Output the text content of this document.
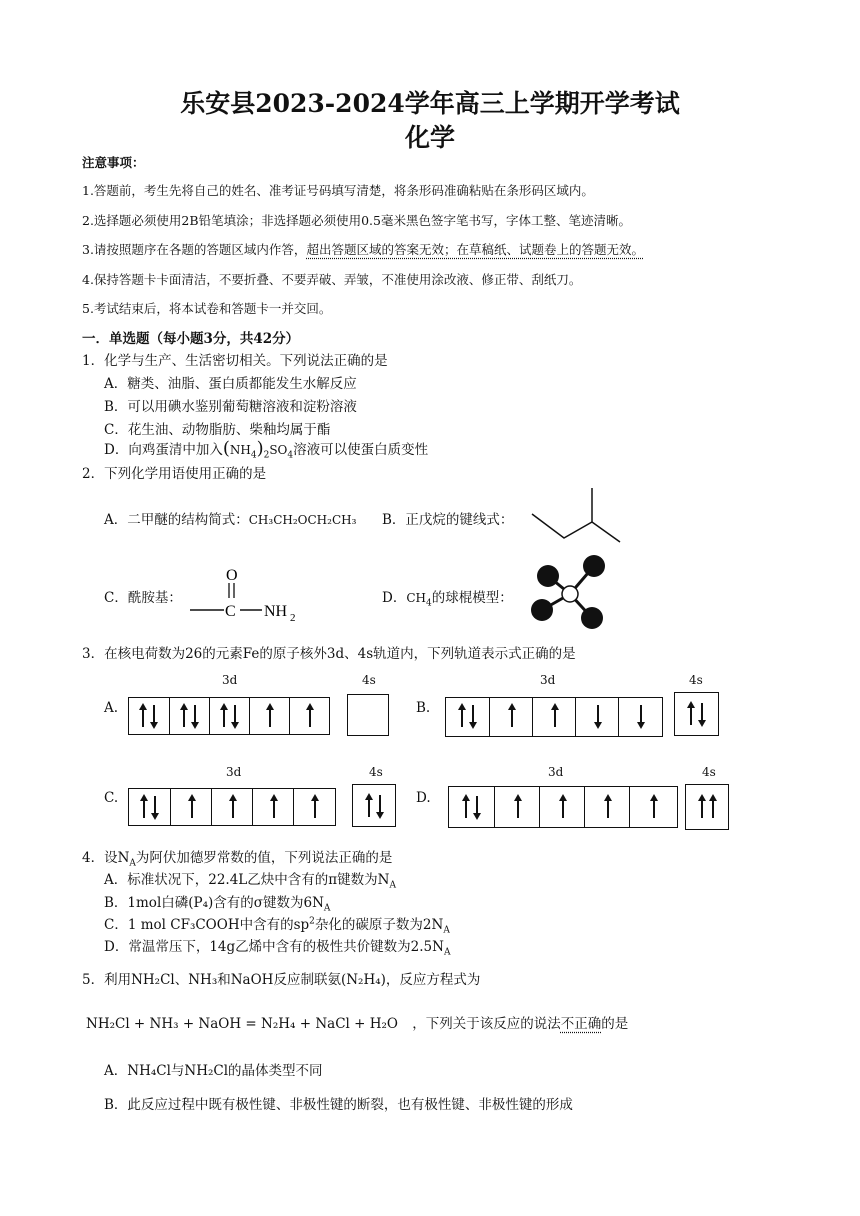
乐安县2023-2024学年高三上学期开学考试
化学
注意事项：
1.答题前，考生先将自己的姓名、准考证号码填写清楚，将条形码准确粘贴在条形码区域内。
2.选择题必须使用2B铅笔填涂；非选择题必须使用0.5毫米黑色签字笔书写，字体工整、笔迹清晰。
3.请按照题序在各题的答题区域内作答，超出答题区域的答案无效；在草稿纸、试题卷上的答题无效。
4.保持答题卡卡面清洁，不要折叠、不要弄破、弄皱，不准使用涂改液、修正带、刮纸刀。
5.考试结束后，将本试卷和答题卡一并交回。
一．单选题（每小题3分，共42分）
1．化学与生产、生活密切相关。下列说法正确的是
A．糖类、油脂、蛋白质都能发生水解反应
B．可以用碘水鉴别葡萄糖溶液和淀粉溶液
C．花生油、动物脂肪、柴釉均属于酯
D．向鸡蛋清中加入$(NH_4)_2SO_4$溶液可以使蛋白质变性
2．下列化学用语使用正确的是
A．二甲醚的结构简式：CH₃CH₂OCH₂CH₃ B．正戊烷的键线式：
C．酰胺基：
O
C NH 2
D．$CH_4$的球棍模型：
3．在核电荷数为26的元素Fe的原子核外3d、4s轨道内，下列轨道表示式正确的是
A.
3d	4s
B.
3d	4s
C.
3d	4s
D.
3d	4s
4．设$N_A$为阿伏加德罗常数的值，下列说法正确的是
A．标准状况下，22.4L乙炔中含有的π键数为$N_A$
B．1mol白磷(P₄)含有的σ键数为$6N_A$
C．1 mol CF₃COOH中含有的$sp^2$杂化的碳原子数为$2N_A$
D．常温常压下，14g乙烯中含有的极性共价键数为$2.5N_A$
5．利用NH₂Cl、NH₃和NaOH反应制联氨(N₂H₄)，反应方程式为
NH₂Cl + NH₃ + NaOH = N₂H₄ + NaCl + H₂O ，下列关于该反应的说法不正确的是
A．NH₄Cl与NH₂Cl的晶体类型不同
B．此反应过程中既有极性键、非极性键的断裂，也有极性键、非极性键的形成
